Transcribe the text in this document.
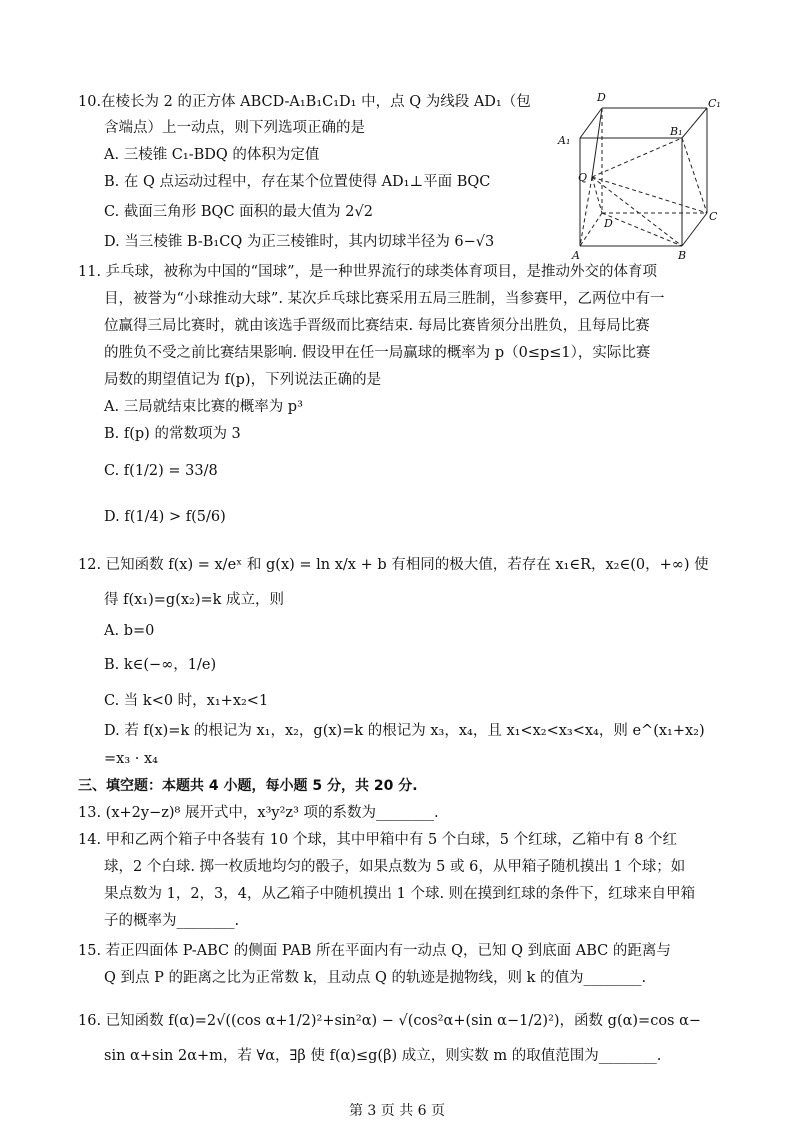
10.在棱长为 2 的正方体 ABCD-A₁B₁C₁D₁ 中，点 Q 为线段 AD₁（包
含端点）上一动点，则下列选项正确的是
A. 三棱锥 C₁-BDQ 的体积为定值
B. 在 Q 点运动过程中，存在某个位置使得 AD₁⊥平面 BQC
C. 截面三角形 BQC 面积的最大值为 2√2
D. 当三棱锥 B-B₁CQ 为正三棱锥时，其内切球半径为 6−√3
D	C₁
A₁
B₁
Q
D
C
A	B
11. 乒乓球，被称为中国的“国球”，是一种世界流行的球类体育项目，是推动外交的体育项
目，被誉为“小球推动大球”. 某次乒乓球比赛采用五局三胜制，当参赛甲，乙两位中有一
位赢得三局比赛时，就由该选手晋级而比赛结束. 每局比赛皆须分出胜负，且每局比赛
的胜负不受之前比赛结果影响. 假设甲在任一局赢球的概率为 p（0≤p≤1），实际比赛
局数的期望值记为 f(p)，下列说法正确的是
A. 三局就结束比赛的概率为 p³
B. f(p) 的常数项为 3
C. f(1/2) = 33/8
D. f(1/4) > f(5/6)
12. 已知函数 f(x) = x/eˣ 和 g(x) = ln x/x + b 有相同的极大值，若存在 x₁∈R，x₂∈(0，+∞) 使
得 f(x₁)=g(x₂)=k 成立，则
A. b=0
B. k∈(−∞，1/e)
C. 当 k<0 时，x₁+x₂<1
D. 若 f(x)=k 的根记为 x₁，x₂，g(x)=k 的根记为 x₃，x₄，且 x₁<x₂<x₃<x₄，则 e^(x₁+x₂)
=x₃ · x₄
三、填空题：本题共 4 小题，每小题 5 分，共 20 分.
13. (x+2y−z)⁸ 展开式中，x³y²z³ 项的系数为________.
14. 甲和乙两个箱子中各装有 10 个球，其中甲箱中有 5 个白球，5 个红球，乙箱中有 8 个红
球，2 个白球. 掷一枚质地均匀的骰子，如果点数为 5 或 6，从甲箱子随机摸出 1 个球；如
果点数为 1，2，3，4，从乙箱子中随机摸出 1 个球. 则在摸到红球的条件下，红球来自甲箱
子的概率为________.
15. 若正四面体 P-ABC 的侧面 PAB 所在平面内有一动点 Q，已知 Q 到底面 ABC 的距离与
Q 到点 P 的距离之比为正常数 k，且动点 Q 的轨迹是抛物线，则 k 的值为________.
16. 已知函数 f(α)=2√((cos α+1/2)²+sin²α) − √(cos²α+(sin α−1/2)²)，函数 g(α)=cos α−
sin α+sin 2α+m，若 ∀α，∃β 使 f(α)≤g(β) 成立，则实数 m 的取值范围为________.
第 3 页 共 6 页
